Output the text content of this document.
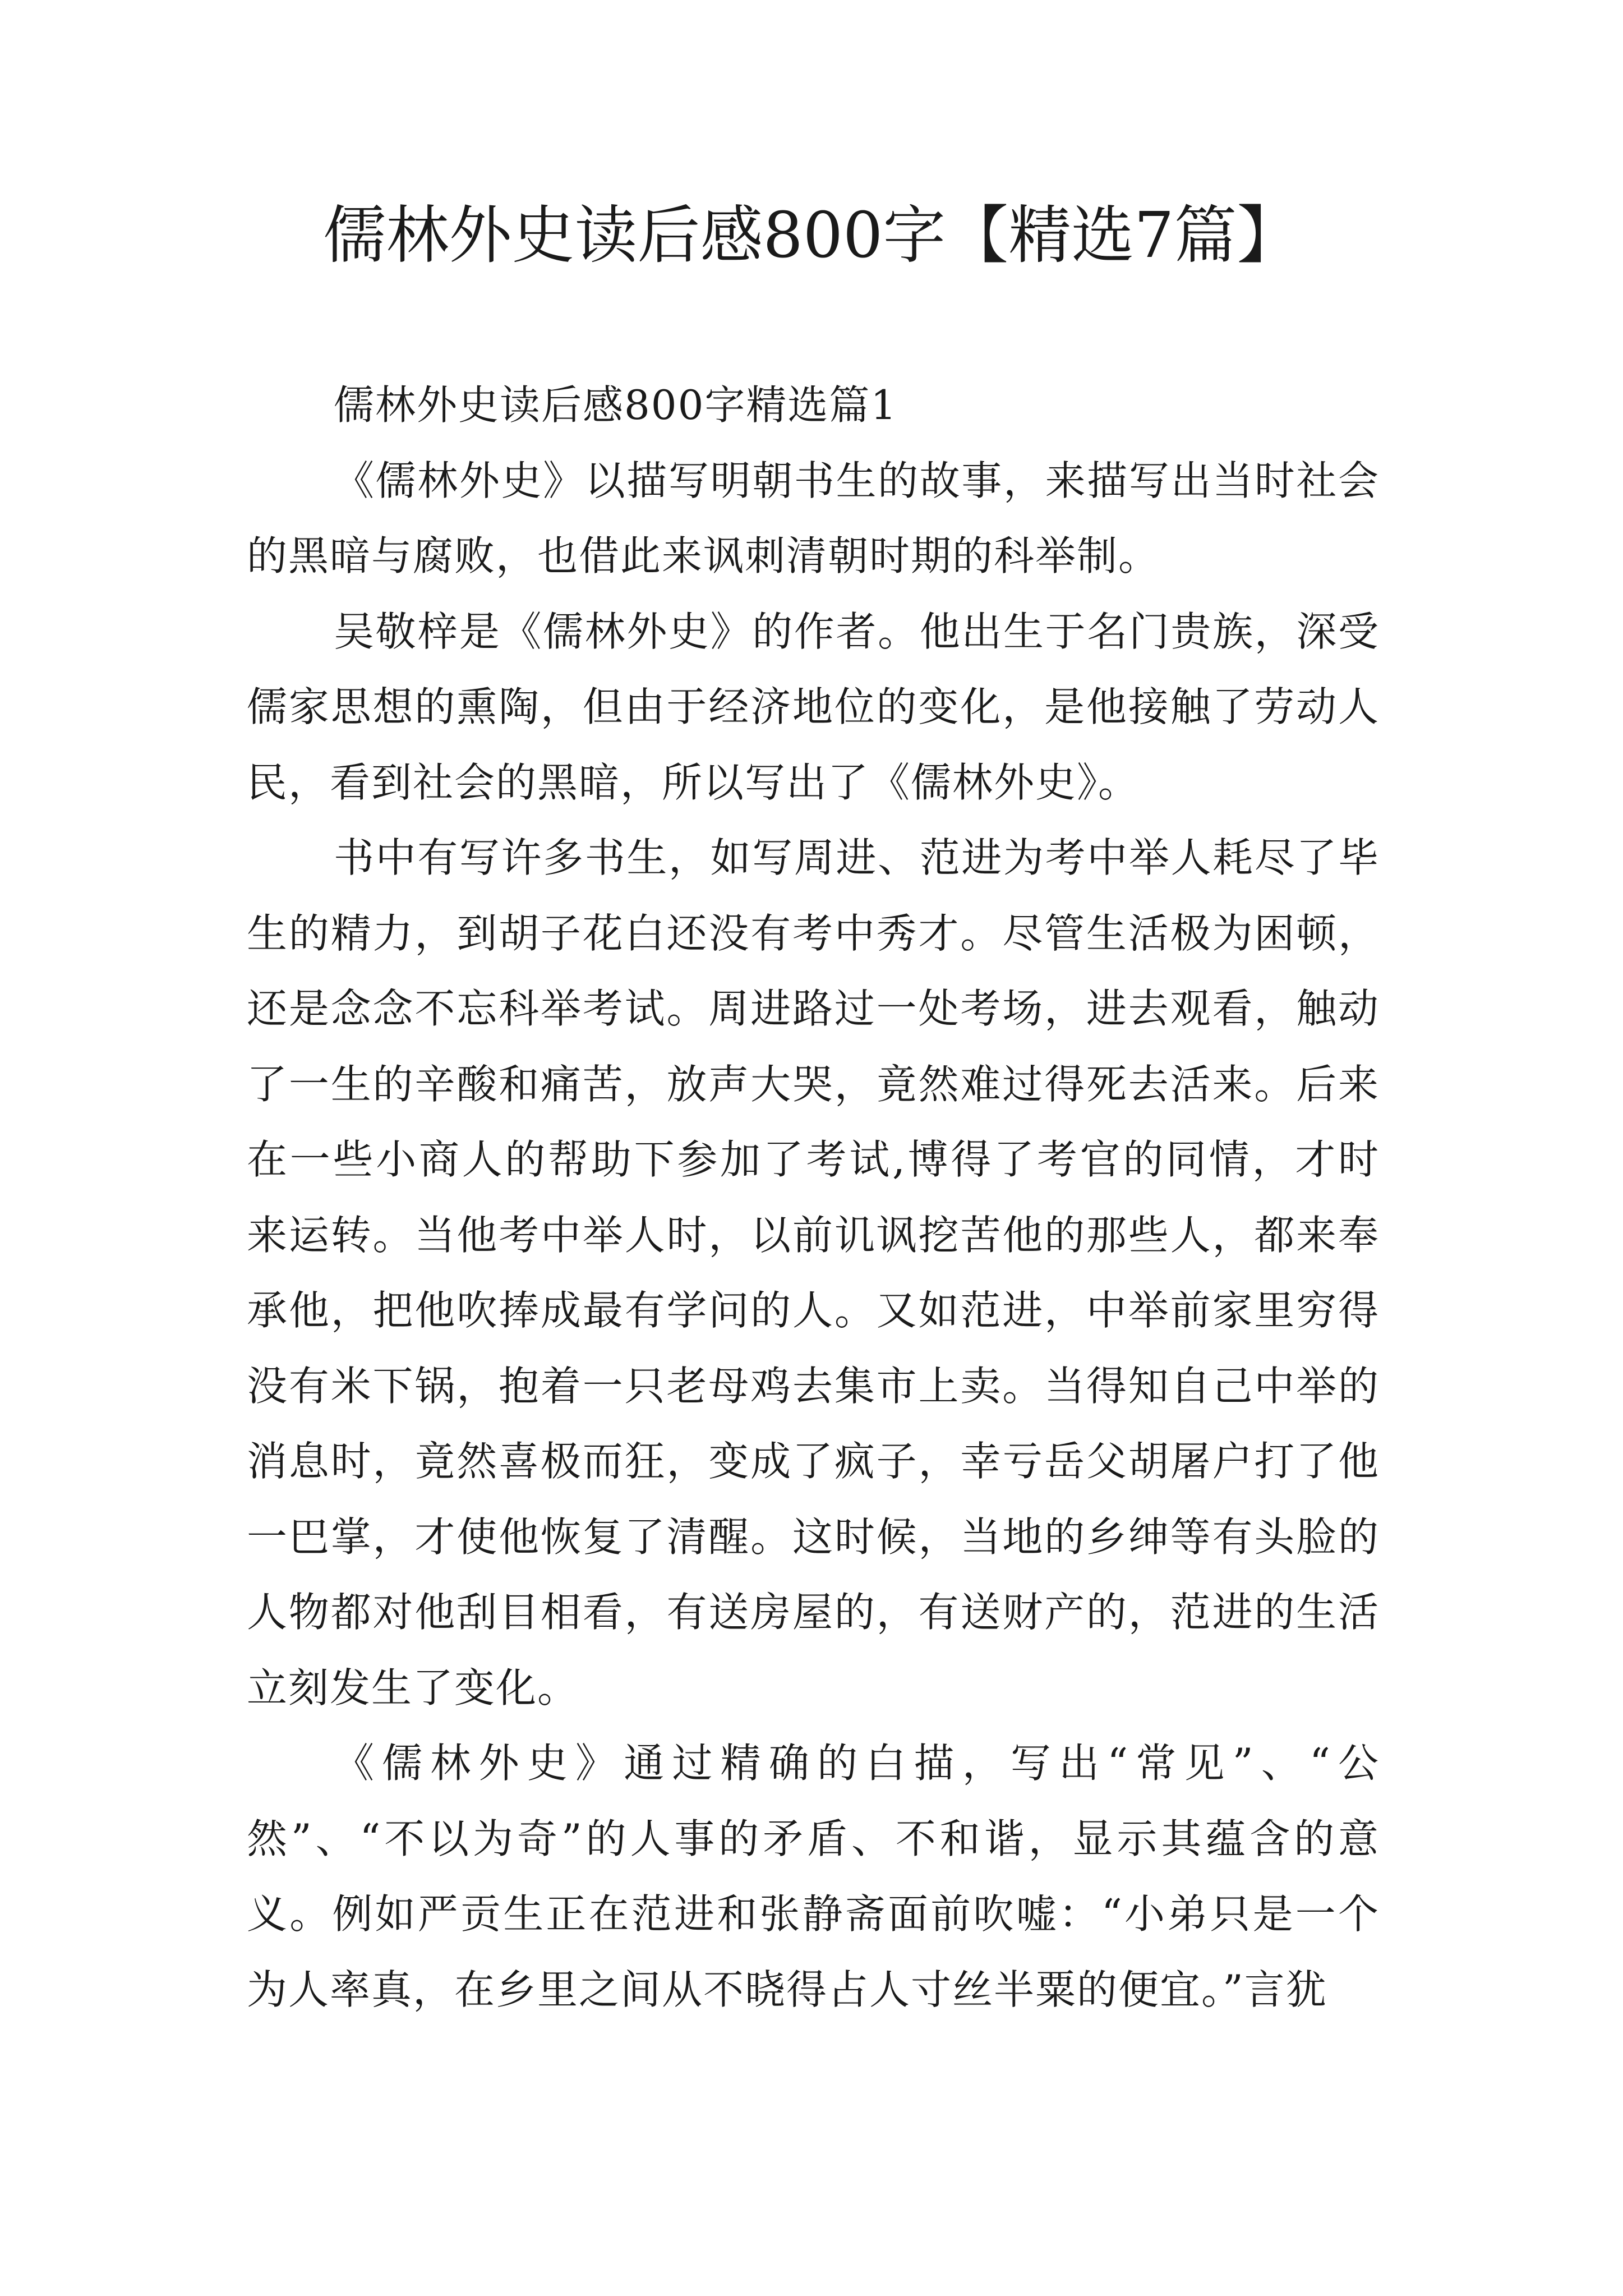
儒林外史读后感800字【精选7篇】

儒林外史读后感800字精选篇1

《儒林外史》以描写明朝书生的故事，来描写出当时社会的黑暗与腐败，也借此来讽刺清朝时期的科举制。

吴敬梓是《儒林外史》的作者。他出生于名门贵族，深受儒家思想的熏陶，但由于经济地位的变化，是他接触了劳动人民，看到社会的黑暗，所以写出了《儒林外史》。

书中有写许多书生，如写周进、范进为考中举人耗尽了毕生的精力，到胡子花白还没有考中秀才。尽管生活极为困顿，还是念念不忘科举考试。周进路过一处考场，进去观看，触动了一生的辛酸和痛苦，放声大哭，竟然难过得死去活来。后来在一些小商人的帮助下参加了考试,博得了考官的同情，才时来运转。当他考中举人时，以前讥讽挖苦他的那些人，都来奉承他，把他吹捧成最有学问的人。又如范进，中举前家里穷得没有米下锅，抱着一只老母鸡去集市上卖。当得知自己中举的消息时，竟然喜极而狂，变成了疯子，幸亏岳父胡屠户打了他一巴掌，才使他恢复了清醒。这时候，当地的乡绅等有头脸的人物都对他刮目相看，有送房屋的，有送财产的，范进的生活立刻发生了变化。

《儒林外史》通过精确的白描，写出“常见”、“公然”、“不以为奇”的人事的矛盾、不和谐，显示其蕴含的意义。例如严贡生正在范进和张静斋面前吹嘘：“小弟只是一个为人率真，在乡里之间从不晓得占人寸丝半粟的便宜。”言犹
